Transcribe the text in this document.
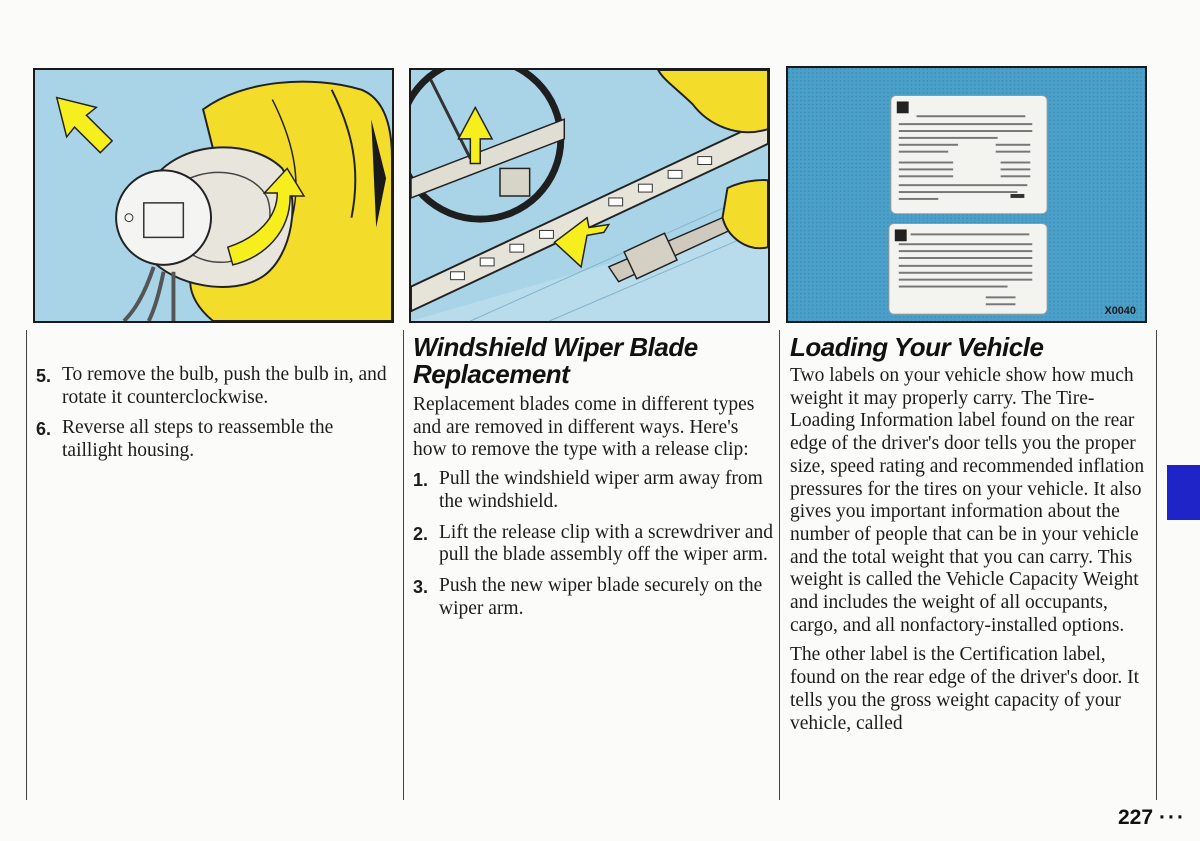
X0040
5. To remove the bulb, push the bulb in, and rotate it counterclockwise.
6. Reverse all steps to reassemble the taillight housing.
Windshield Wiper Blade
Replacement

Replacement blades come in different types and are removed in different ways. Here's how to remove the type with a release clip:

1. Pull the windshield wiper arm away from the windshield.
2. Lift the release clip with a screwdriver and pull the blade assembly off the wiper arm.
3. Push the new wiper blade securely on the wiper arm.
Loading Your Vehicle

Two labels on your vehicle show how much weight it may properly carry. The Tire-Loading Information label found on the rear edge of the driver's door tells you the proper size, speed rating and recommended inflation pressures for the tires on your vehicle. It also gives you important information about the number of people that can be in your vehicle and the total weight that you can carry. This weight is called the Vehicle Capacity Weight and includes the weight of all occupants, cargo, and all nonfactory-installed options.

The other label is the Certification label, found on the rear edge of the driver's door. It tells you the gross weight capacity of your vehicle, called

227 ···
